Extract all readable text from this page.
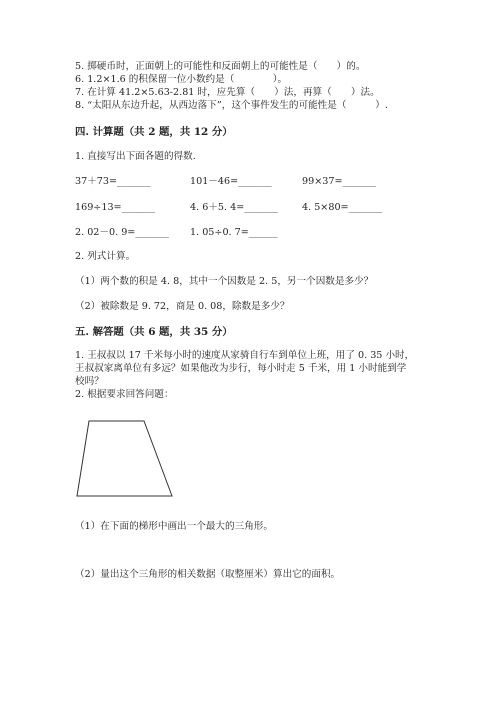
5. 掷硬币时，正面朝上的可能性和反面朝上的可能性是（　　）的。
6. 1.2×1.6 的积保留一位小数约是（　　　　）。
7. 在计算 41.2×5.63-2.81 时，应先算（　　）法，再算（　　）法。
8. “太阳从东边升起，从西边落下”，这个事件发生的可能性是（　　　）.
四. 计算题（共 2 题，共 12 分）
1. 直接写出下面各题的得数.
37＋73=_______	101－46=_______	99×37=_______
169÷13=_______	4. 6＋5. 4=_______	4. 5×80=_______
2. 02－0. 9=_______ 1. 05÷0. 7=______
2. 列式计算。
（1）两个数的积是 4. 8，其中一个因数是 2. 5，另一个因数是多少？
（2）被除数是 9. 72，商是 0. 08，除数是多少？
五. 解答题（共 6 题，共 35 分）
1. 王叔叔以 17 千米每小时的速度从家骑自行车到单位上班，用了 0. 35 小时，
王叔叔家离单位有多远？如果他改为步行，每小时走 5 千米，用 1 小时能到学
校吗？
2. 根据要求回答问题：
（1）在下面的梯形中画出一个最大的三角形。
（2）量出这个三角形的相关数据（取整厘米）算出它的面积。
